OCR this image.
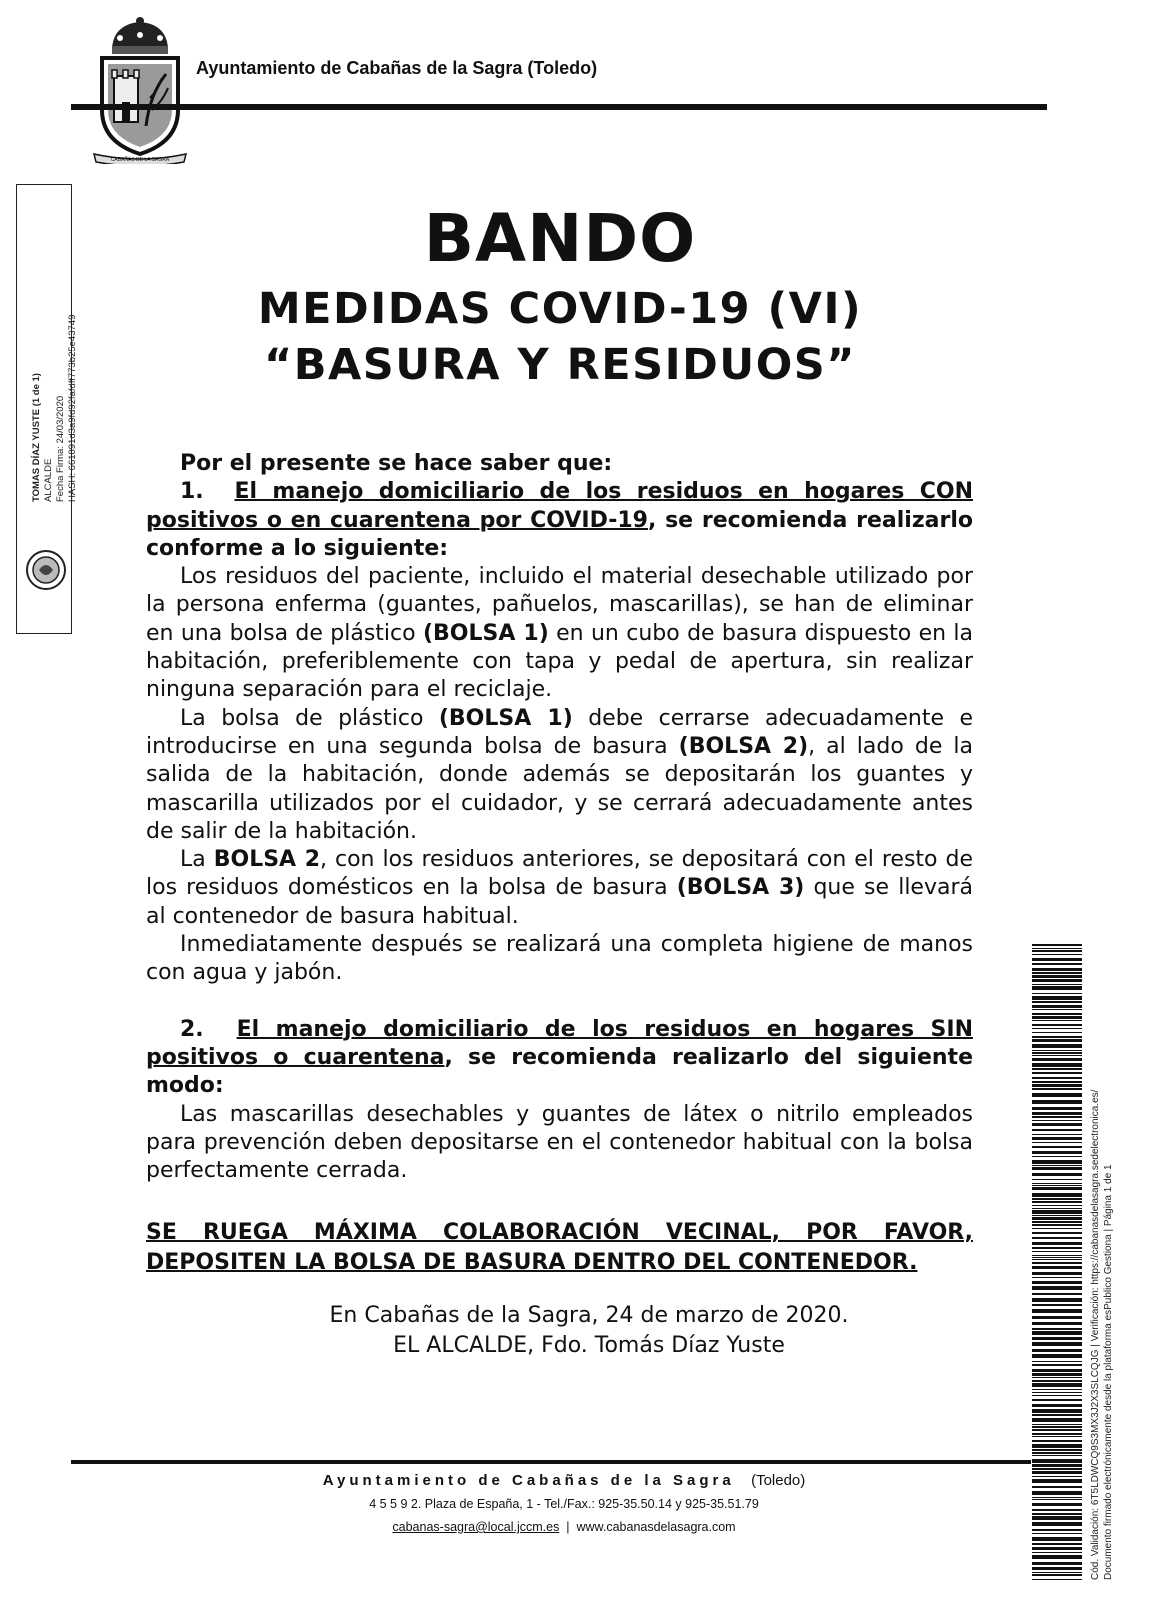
CABAÑAS DE LA SAGRA
Ayuntamiento de Cabañas de la Sagra (Toledo)
TOMAS DÍAZ YUSTE (1 de 1) ALCALDE Fecha Firma: 24/03/2020 HASH: 661891d3a9fd92fafdff773b25e43749
BANDO
MEDIDAS COVID-19 (VI)
“BASURA Y RESIDUOS”

Por el presente se hace saber que:

1. El manejo domiciliario de los residuos en hogares CON positivos o en cuarentena por COVID-19, se recomienda realizarlo conforme a lo siguiente:

Los residuos del paciente, incluido el material desechable utilizado por la persona enferma (guantes, pañuelos, mascarillas), se han de eliminar en una bolsa de plástico (BOLSA 1) en un cubo de basura dispuesto en la habitación, preferiblemente con tapa y pedal de apertura, sin realizar ninguna separación para el reciclaje.

La bolsa de plástico (BOLSA 1) debe cerrarse adecuadamente e introducirse en una segunda bolsa de basura (BOLSA 2), al lado de la salida de la habitación, donde además se depositarán los guantes y mascarilla utilizados por el cuidador, y se cerrará adecuadamente antes de salir de la habitación.

La BOLSA 2, con los residuos anteriores, se depositará con el resto de los residuos domésticos en la bolsa de basura (BOLSA 3) que se llevará al contenedor de basura habitual.

Inmediatamente después se realizará una completa higiene de manos con agua y jabón.

2. El manejo domiciliario de los residuos en hogares SIN positivos o cuarentena, se recomienda realizarlo del siguiente modo:

Las mascarillas desechables y guantes de látex o nitrilo empleados para prevención deben depositarse en el contenedor habitual con la bolsa perfectamente cerrada.

SE RUEGA MÁXIMA COLABORACIÓN VECINAL, POR FAVOR,
DEPOSITEN LA BOLSA DE BASURA DENTRO DEL CONTENEDOR.
En Cabañas de la Sagra, 24 de marzo de 2020.
EL ALCALDE, Fdo. Tomás Díaz Yuste
Ayuntamiento de Cabañas de la Sagra (Toledo)
4 5 5 9 2. Plaza de España, 1 - Tel./Fax.: 925-35.50.14 y 925-35.51.79
cabanas-sagra@local.jccm.es | www.cabanasdelasagra.com	Cód. Validación: 6T5LDWCQ9S3MX3J2X3SLCQJG | Verificación: https://cabanasdelasagra.sedelectronica.es/ Documento firmado electrónicamente desde la plataforma esPublico Gestiona | Página 1 de 1
